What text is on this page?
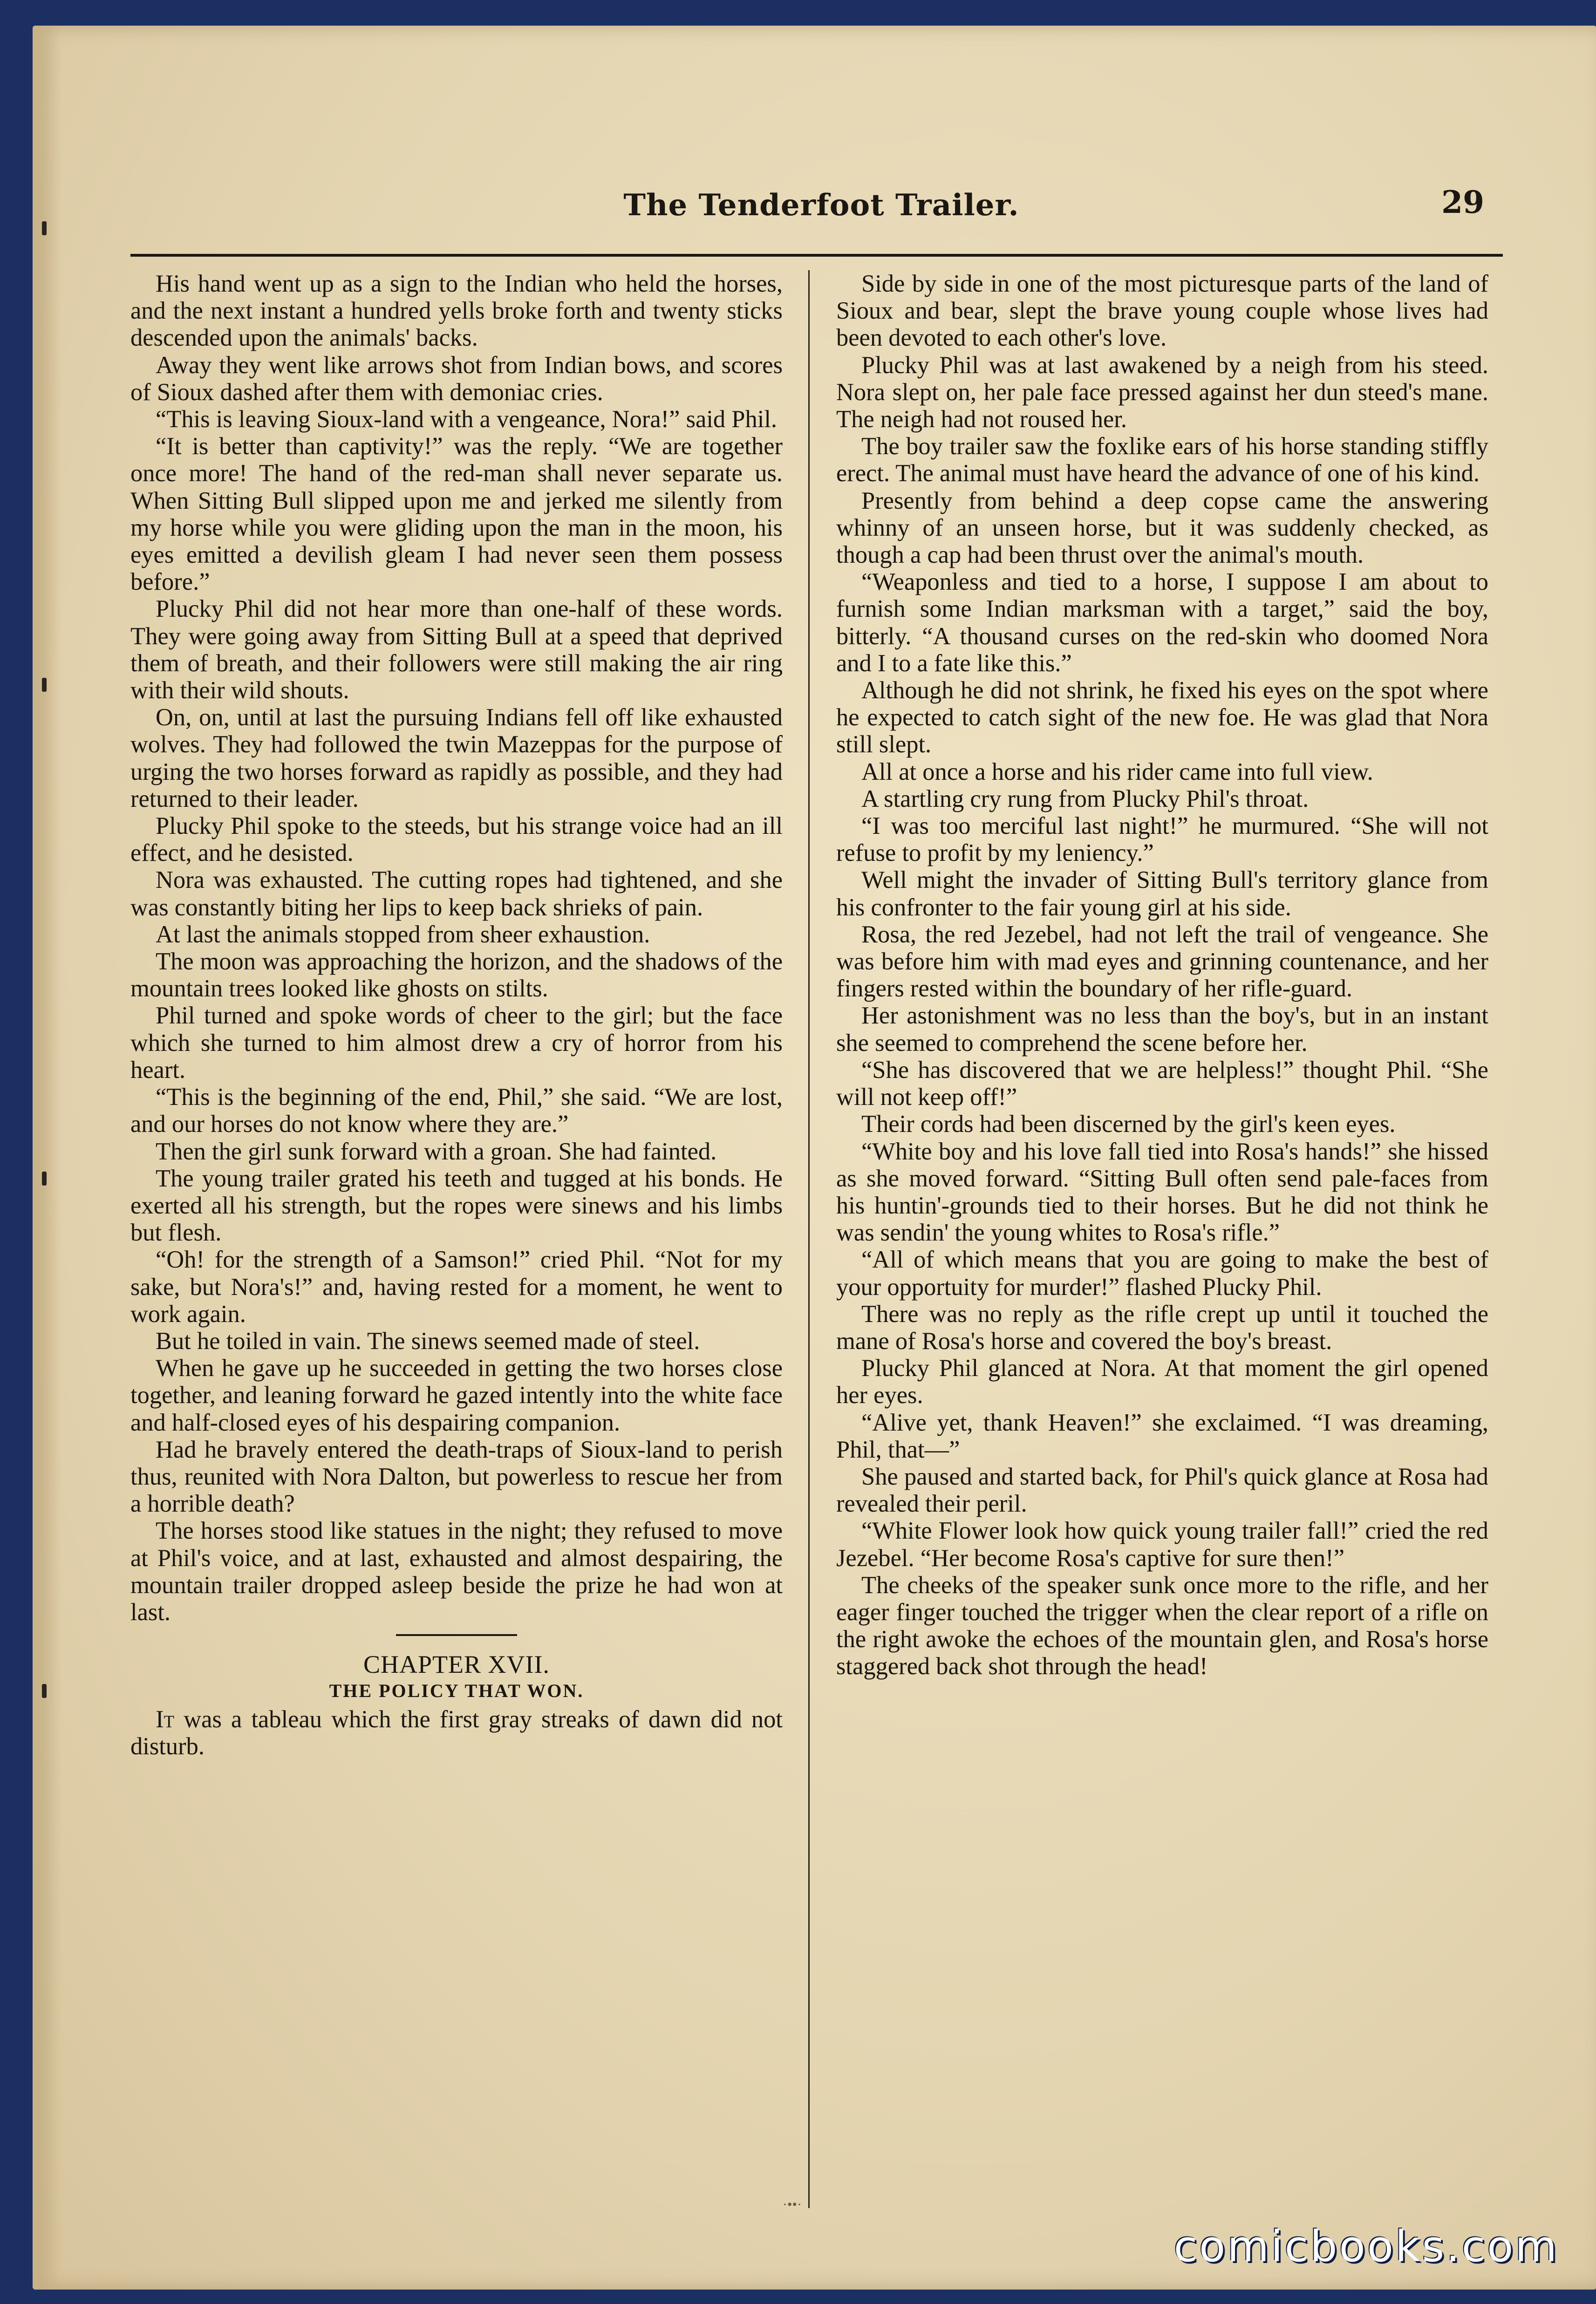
The Tenderfoot Trailer.	29

His hand went up as a sign to the Indian who held the horses, and the next instant a hundred yells broke forth and twenty sticks descended upon the animals' backs.

Away they went like arrows shot from Indian bows, and scores of Sioux dashed after them with demoniac cries.

“This is leaving Sioux-land with a vengeance, Nora!” said Phil.

“It is better than captivity!” was the reply. “We are together once more! The hand of the red-man shall never separate us. When Sitting Bull slipped upon me and jerked me silently from my horse while you were gliding upon the man in the moon, his eyes emitted a devilish gleam I had never seen them possess before.”

Plucky Phil did not hear more than one-half of these words. They were going away from Sitting Bull at a speed that deprived them of breath, and their followers were still making the air ring with their wild shouts.

On, on, until at last the pursuing Indians fell off like exhausted wolves. They had followed the twin Mazeppas for the purpose of urging the two horses forward as rapidly as possible, and they had returned to their leader.

Plucky Phil spoke to the steeds, but his strange voice had an ill effect, and he desisted.

Nora was exhausted. The cutting ropes had tightened, and she was constantly biting her lips to keep back shrieks of pain.

At last the animals stopped from sheer exhaustion.

The moon was approaching the horizon, and the shadows of the mountain trees looked like ghosts on stilts.

Phil turned and spoke words of cheer to the girl; but the face which she turned to him almost drew a cry of horror from his heart.

“This is the beginning of the end, Phil,” she said. “We are lost, and our horses do not know where they are.”

Then the girl sunk forward with a groan. She had fainted.

The young trailer grated his teeth and tugged at his bonds. He exerted all his strength, but the ropes were sinews and his limbs but flesh.

“Oh! for the strength of a Samson!” cried Phil. “Not for my sake, but Nora's!” and, having rested for a moment, he went to work again.

But he toiled in vain. The sinews seemed made of steel.

When he gave up he succeeded in getting the two horses close together, and leaning forward he gazed intently into the white face and half-closed eyes of his despairing companion.

Had he bravely entered the death-traps of Sioux-land to perish thus, reunited with Nora Dalton, but powerless to rescue her from a horrible death?

The horses stood like statues in the night; they refused to move at Phil's voice, and at last, exhausted and almost despairing, the mountain trailer dropped asleep beside the prize he had won at last.

CHAPTER XVII.
THE POLICY THAT WON.

It was a tableau which the first gray streaks of dawn did not disturb.

Side by side in one of the most picturesque parts of the land of Sioux and bear, slept the brave young couple whose lives had been devoted to each other's love.

Plucky Phil was at last awakened by a neigh from his steed. Nora slept on, her pale face pressed against her dun steed's mane. The neigh had not roused her.

The boy trailer saw the foxlike ears of his horse standing stiffly erect. The animal must have heard the advance of one of his kind.

Presently from behind a deep copse came the answering whinny of an unseen horse, but it was suddenly checked, as though a cap had been thrust over the animal's mouth.

“Weaponless and tied to a horse, I suppose I am about to furnish some Indian marksman with a target,” said the boy, bitterly. “A thousand curses on the red-skin who doomed Nora and I to a fate like this.”

Although he did not shrink, he fixed his eyes on the spot where he expected to catch sight of the new foe. He was glad that Nora still slept.

All at once a horse and his rider came into full view.

A startling cry rung from Plucky Phil's throat.

“I was too merciful last night!” he murmured. “She will not refuse to profit by my leniency.”

Well might the invader of Sitting Bull's territory glance from his confronter to the fair young girl at his side.

Rosa, the red Jezebel, had not left the trail of vengeance. She was before him with mad eyes and grinning countenance, and her fingers rested within the boundary of her rifle-guard.

Her astonishment was no less than the boy's, but in an instant she seemed to comprehend the scene before her.

“She has discovered that we are helpless!” thought Phil. “She will not keep off!”

Their cords had been discerned by the girl's keen eyes.

“White boy and his love fall tied into Rosa's hands!” she hissed as she moved forward. “Sitting Bull often send pale-faces from his huntin'-grounds tied to their horses. But he did not think he was sendin' the young whites to Rosa's rifle.”

“All of which means that you are going to make the best of your opportuity for murder!” flashed Plucky Phil.

There was no reply as the rifle crept up until it touched the mane of Rosa's horse and covered the boy's breast.

Plucky Phil glanced at Nora. At that moment the girl opened her eyes.

“Alive yet, thank Heaven!” she exclaimed. “I was dreaming, Phil, that—”

She paused and started back, for Phil's quick glance at Rosa had revealed their peril.

“White Flower look how quick young trailer fall!” cried the red Jezebel. “Her become Rosa's captive for sure then!”

The cheeks of the speaker sunk once more to the rifle, and her eager finger touched the trigger when the clear report of a rifle on the right awoke the echoes of the mountain glen, and Rosa's horse staggered back shot through the head!

·••·
comicbooks.com
